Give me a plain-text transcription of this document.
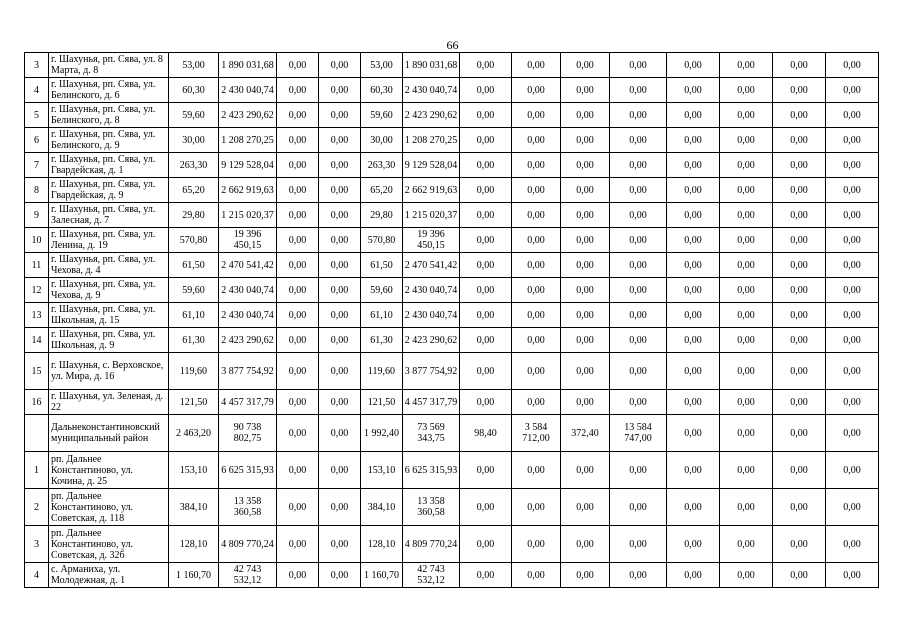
66
3	г. Шахунья, рп. Сява, ул. 8 Марта, д. 8	53,00	1 890 031,68	0,00	0,00	53,00	1 890 031,68	0,00	0,00	0,00	0,00	0,00	0,00	0,00	0,00
4	г. Шахунья, рп. Сява, ул. Белинского, д. 6	60,30	2 430 040,74	0,00	0,00	60,30	2 430 040,74	0,00	0,00	0,00	0,00	0,00	0,00	0,00	0,00
5	г. Шахунья, рп. Сява, ул. Белинского, д. 8	59,60	2 423 290,62	0,00	0,00	59,60	2 423 290,62	0,00	0,00	0,00	0,00	0,00	0,00	0,00	0,00
6	г. Шахунья, рп. Сява, ул. Белинского, д. 9	30,00	1 208 270,25	0,00	0,00	30,00	1 208 270,25	0,00	0,00	0,00	0,00	0,00	0,00	0,00	0,00
7	г. Шахунья, рп. Сява, ул. Гвардейская, д. 1	263,30	9 129 528,04	0,00	0,00	263,30	9 129 528,04	0,00	0,00	0,00	0,00	0,00	0,00	0,00	0,00
8	г. Шахунья, рп. Сява, ул. Гвардейская, д. 9	65,20	2 662 919,63	0,00	0,00	65,20	2 662 919,63	0,00	0,00	0,00	0,00	0,00	0,00	0,00	0,00
9	г. Шахунья, рп. Сява, ул. Залесная, д. 7	29,80	1 215 020,37	0,00	0,00	29,80	1 215 020,37	0,00	0,00	0,00	0,00	0,00	0,00	0,00	0,00
10	г. Шахунья, рп. Сява, ул. Ленина, д. 19	570,80	19 396 450,15	0,00	0,00	570,80	19 396 450,15	0,00	0,00	0,00	0,00	0,00	0,00	0,00	0,00
11	г. Шахунья, рп. Сява, ул. Чехова, д. 4	61,50	2 470 541,42	0,00	0,00	61,50	2 470 541,42	0,00	0,00	0,00	0,00	0,00	0,00	0,00	0,00
12	г. Шахунья, рп. Сява, ул. Чехова, д. 9	59,60	2 430 040,74	0,00	0,00	59,60	2 430 040,74	0,00	0,00	0,00	0,00	0,00	0,00	0,00	0,00
13	г. Шахунья, рп. Сява, ул. Школьная, д. 15	61,10	2 430 040,74	0,00	0,00	61,10	2 430 040,74	0,00	0,00	0,00	0,00	0,00	0,00	0,00	0,00
14	г. Шахунья, рп. Сява, ул. Школьная, д. 9	61,30	2 423 290,62	0,00	0,00	61,30	2 423 290,62	0,00	0,00	0,00	0,00	0,00	0,00	0,00	0,00
15	г. Шахунья, с. Верховское, ул. Мира, д. 16	119,60	3 877 754,92	0,00	0,00	119,60	3 877 754,92	0,00	0,00	0,00	0,00	0,00	0,00	0,00	0,00
16	г. Шахунья, ул. Зеленая, д. 22	121,50	4 457 317,79	0,00	0,00	121,50	4 457 317,79	0,00	0,00	0,00	0,00	0,00	0,00	0,00	0,00
	Дальнеконстантиновский муниципальный район	2 463,20	90 738 802,75	0,00	0,00	1 992,40	73 569 343,75	98,40	3 584 712,00	372,40	13 584 747,00	0,00	0,00	0,00	0,00
1	рп. Дальнее Константиново, ул. Кочина, д. 25	153,10	6 625 315,93	0,00	0,00	153,10	6 625 315,93	0,00	0,00	0,00	0,00	0,00	0,00	0,00	0,00
2	рп. Дальнее Константиново, ул. Советская, д. 118	384,10	13 358 360,58	0,00	0,00	384,10	13 358 360,58	0,00	0,00	0,00	0,00	0,00	0,00	0,00	0,00
3	рп. Дальнее Константиново, ул. Советская, д. 32б	128,10	4 809 770,24	0,00	0,00	128,10	4 809 770,24	0,00	0,00	0,00	0,00	0,00	0,00	0,00	0,00
4	с. Арманиха, ул. Молодежная, д. 1	1 160,70	42 743 532,12	0,00	0,00	1 160,70	42 743 532,12	0,00	0,00	0,00	0,00	0,00	0,00	0,00	0,00
